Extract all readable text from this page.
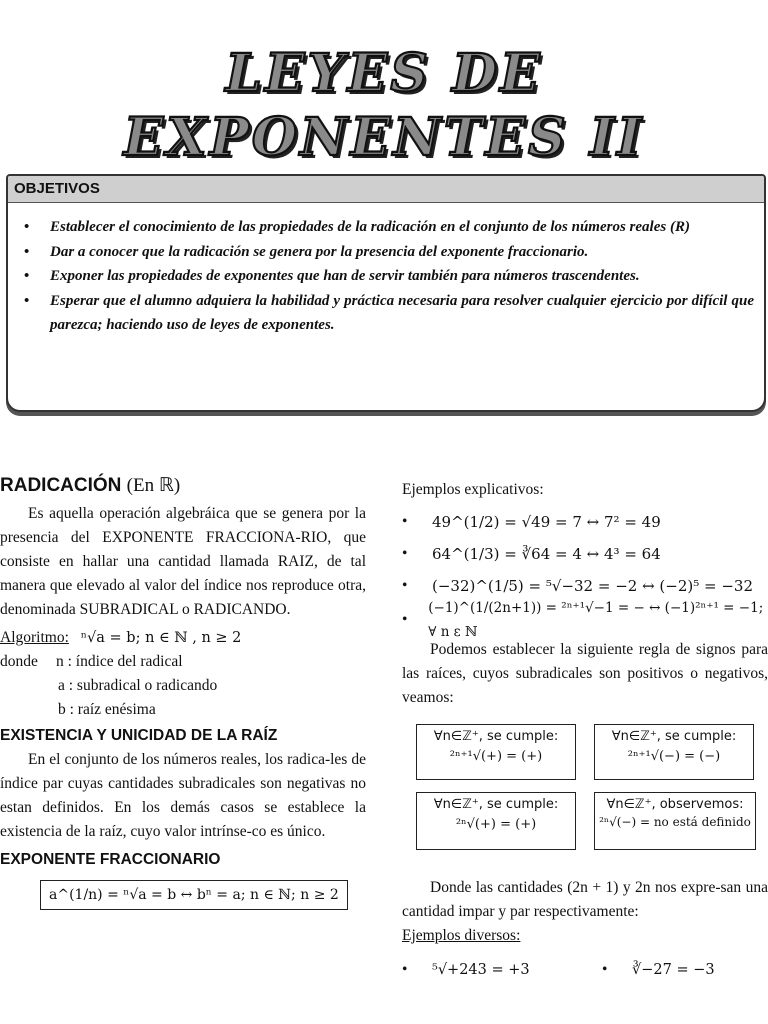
LEYES DE
EXPONENTES II
OBJETIVOS
• Establecer el conocimiento de las propiedades de la radicación en el conjunto de los números reales (R)
• Dar a conocer que la radicación se genera por la presencia del exponente fraccionario.
• Exponer las propiedades de exponentes que han de servir también para números trascendentes.
• Esperar que el alumno adquiera la habilidad y práctica necesaria para resolver cualquier ejercicio por difícil que parezca; haciendo uso de leyes de exponentes.
RADICACIÓN (En ℝ)

Es aquella operación algebráica que se genera por la presencia del EXPONENTE FRACCIONA-RIO, que consiste en hallar una cantidad llamada RAIZ, de tal manera que elevado al valor del índice nos reproduce otra, denominada SUBRADICAL o RADICANDO.

Algoritmo: ⁿ√a = b; n ∈ ℕ , n ≥ 2
donde	n : índice del radical
a : subradical o radicando
b : raíz enésima
EXISTENCIA Y UNICIDAD DE LA RAÍZ

En el conjunto de los números reales, los radica-les de índice par cuyas cantidades subradicales son negativas no estan definidos. En los demás casos se establece la existencia de la raíz, cuyo valor intrínse-co es único.

EXPONENTE FRACCIONARIO
a^(1/n) = ⁿ√a = b ↔ bⁿ = a; n ∈ ℕ; n ≥ 2
Ejemplos explicativos:
•	49^(1/2) = √49 = 7 ↔ 7² = 49
•	64^(1/3) = ∛64 = 4 ↔ 4³ = 64
•	(−32)^(1/5) = ⁵√−32 = −2 ↔ (−2)⁵ = −32
•
(−1)^(1/(2n+1)) = ²ⁿ⁺¹√−1 = − ↔ (−1)²ⁿ⁺¹ = −1; ∀ n ε ℕ

Podemos establecer la siguiente regla de signos para las raíces, cuyos subradicales son positivos o negativos, veamos:

∀n∈ℤ⁺, se cumple:
²ⁿ⁺¹√(+) = (+)
∀n∈ℤ⁺, se cumple:
²ⁿ⁺¹√(−) = (−)
∀n∈ℤ⁺, se cumple:
²ⁿ√(+) = (+)
∀n∈ℤ⁺, observemos:
²ⁿ√(−) = no está definido

Donde las cantidades (2n + 1) y 2n nos expre-san una cantidad impar y par respectivamente:

Ejemplos diversos:
•	⁵√+243 = +3	•	∛−27 = −3
